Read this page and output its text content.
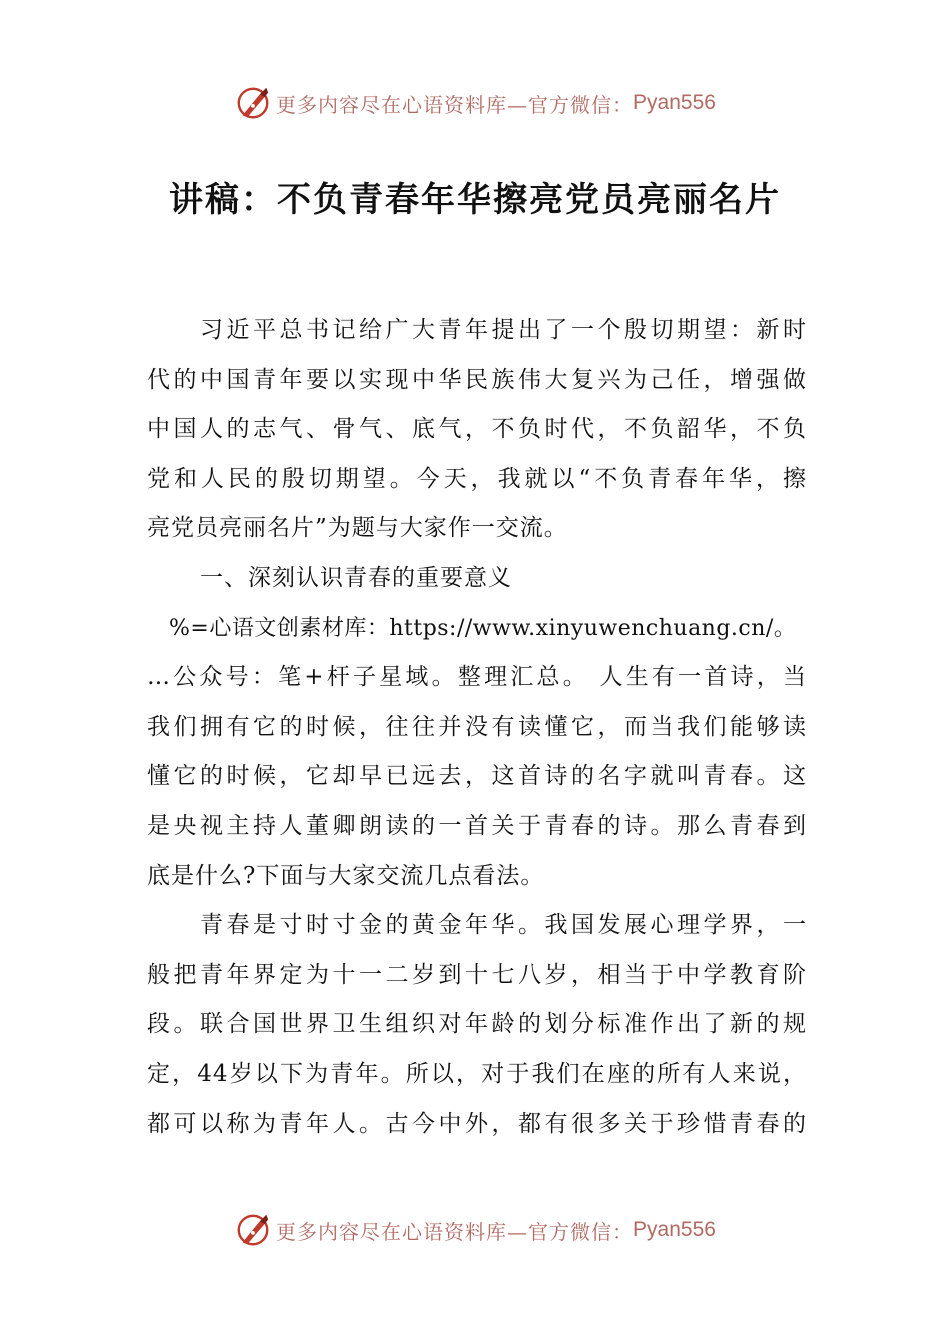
更多内容尽在心语资料库—官方微信： Pyan556
讲稿：不负青春年华擦亮党员亮丽名片
习近平总书记给广大青年提出了一个殷切期望：新时
代的中国青年要以实现中华民族伟大复兴为己任，增强做
中国人的志气、骨气、底气，不负时代，不负韶华，不负
党和人民的殷切期望。今天，我就以“不负青春年华，擦
亮党员亮丽名片”为题与大家作一交流。
一、深刻认识青春的重要意义
%=心语文创素材库：https://www.xinyuwenchuang.cn/。
…公众号：笔+杆子星域。整理汇总。 人生有一首诗，当
我们拥有它的时候，往往并没有读懂它，而当我们能够读
懂它的时候，它却早已远去，这首诗的名字就叫青春。这
是央视主持人董卿朗读的一首关于青春的诗。那么青春到
底是什么?下面与大家交流几点看法。
青春是寸时寸金的黄金年华。我国发展心理学界，一
般把青年界定为十一二岁到十七八岁，相当于中学教育阶
段。联合国世界卫生组织对年龄的划分标准作出了新的规
定，44岁以下为青年。所以，对于我们在座的所有人来说，
都可以称为青年人。古今中外，都有很多关于珍惜青春的
更多内容尽在心语资料库—官方微信： Pyan556
